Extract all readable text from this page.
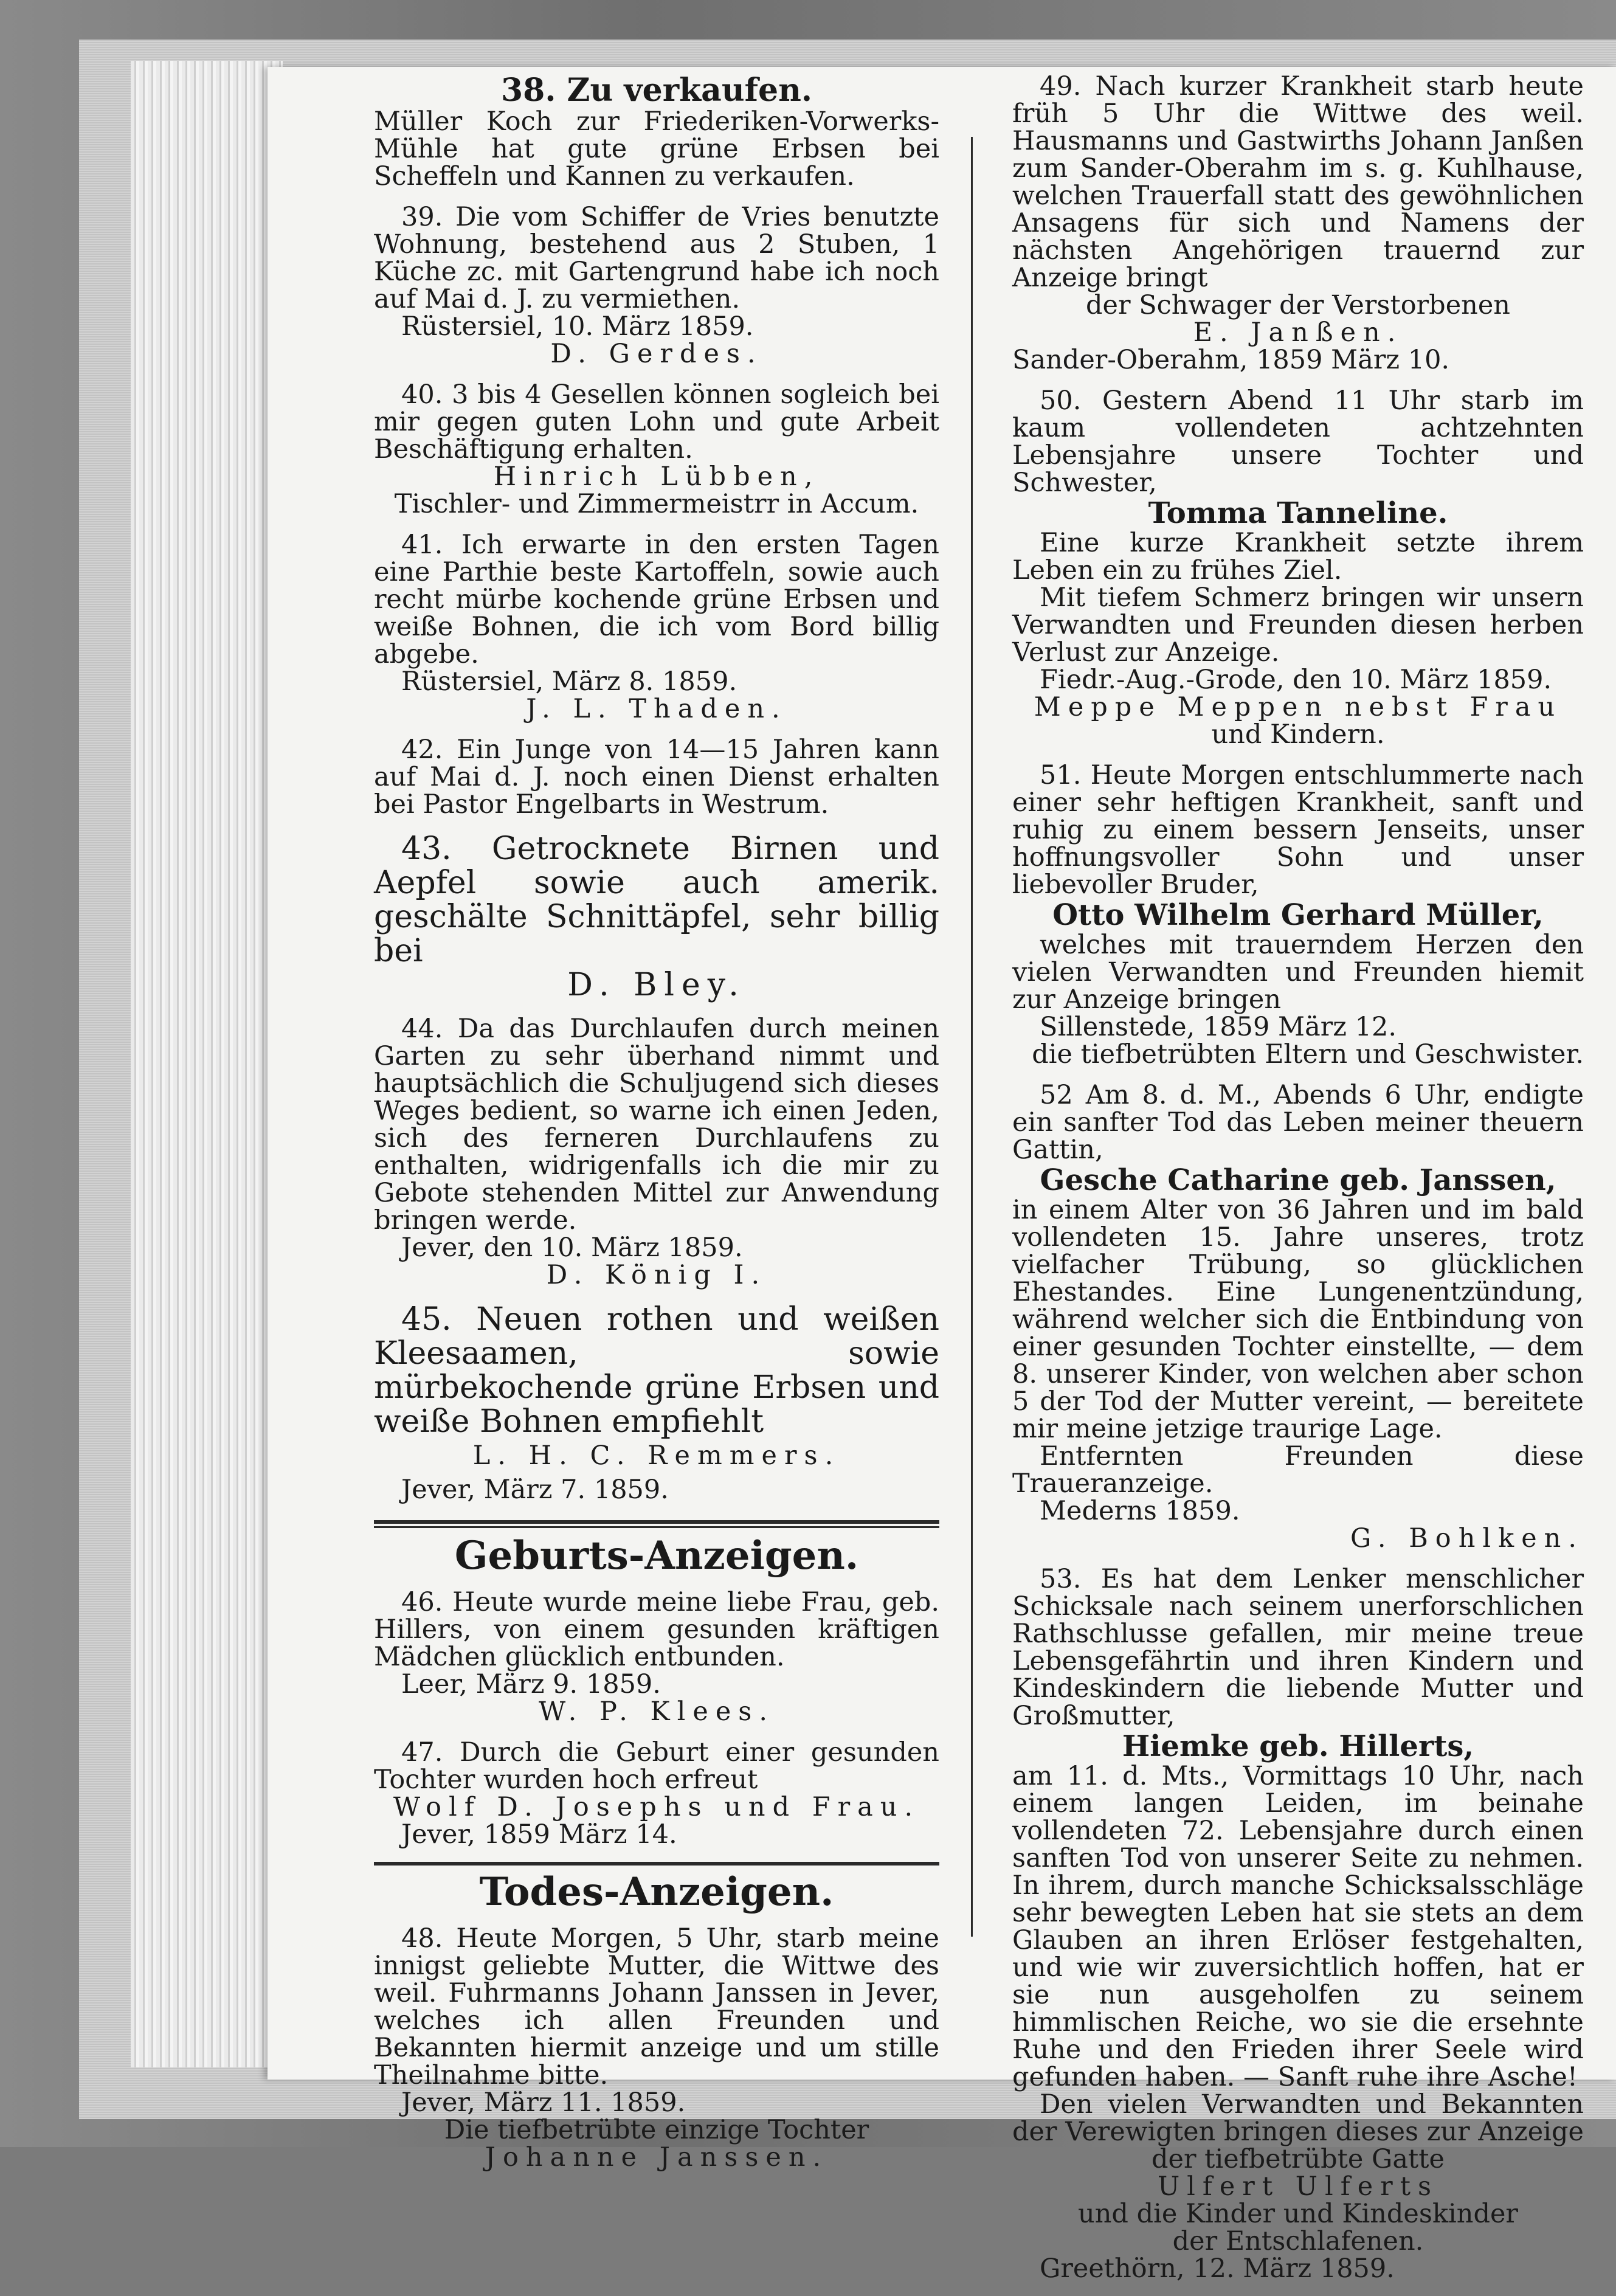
38. Zu verkaufen.

Müller Koch zur Friederiken-Vorwerks-Mühle hat gute grüne Erbsen bei Scheffeln und Kannen zu verkaufen.

39. Die vom Schiffer de Vries benutzte Wohnung, bestehend aus 2 Stuben, 1 Küche zc. mit Gartengrund habe ich noch auf Mai d. J. zu vermiethen.

Rüstersiel, 10. März 1859.

D. Gerdes.

40. 3 bis 4 Gesellen können sogleich bei mir gegen guten Lohn und gute Arbeit Beschäftigung erhalten.

Hinrich Lübben,

Tischler- und Zimmermeistrr in Accum.

41. Ich erwarte in den ersten Tagen eine Parthie beste Kartoffeln, sowie auch recht mürbe kochende grüne Erbsen und weiße Bohnen, die ich vom Bord billig abgebe.

Rüstersiel, März 8. 1859.

J. L. Thaden.

42. Ein Junge von 14—15 Jahren kann auf Mai d. J. noch einen Dienst erhalten bei Pastor Engelbarts in Westrum.

43. Getrocknete Birnen und Aepfel sowie auch amerik. geschälte Schnittäpfel, sehr billig bei

D. Bley.

44. Da das Durchlaufen durch meinen Garten zu sehr überhand nimmt und hauptsächlich die Schuljugend sich dieses Weges bedient, so warne ich einen Jeden, sich des ferneren Durchlaufens zu enthalten, widrigenfalls ich die mir zu Gebote stehenden Mittel zur Anwendung bringen werde.

Jever, den 10. März 1859.

D. König I.

45. Neuen rothen und weißen Kleesaamen, sowie mürbekochende grüne Erbsen und weiße Bohnen empfiehlt

L. H. C. Remmers.

Jever, März 7. 1859.

Geburts-Anzeigen.

46. Heute wurde meine liebe Frau, geb. Hillers, von einem gesunden kräftigen Mädchen glücklich entbunden.

Leer, März 9. 1859.

W. P. Klees.

47. Durch die Geburt einer gesunden Tochter wurden hoch erfreut

Wolf D. Josephs und Frau.

Jever, 1859 März 14.

Todes-Anzeigen.

48. Heute Morgen, 5 Uhr, starb meine innigst geliebte Mutter, die Wittwe des weil. Fuhrmanns Johann Janssen in Jever, welches ich allen Freunden und Bekannten hiermit anzeige und um stille Theilnahme bitte.

Jever, März 11. 1859.

Die tiefbetrübte einzige Tochter

Johanne Janssen.

49. Nach kurzer Krankheit starb heute früh 5 Uhr die Wittwe des weil. Hausmanns und Gastwirths Johann Janßen zum Sander-Oberahm im s. g. Kuhlhause, welchen Trauerfall statt des gewöhnlichen Ansagens für sich und Namens der nächsten Angehörigen trauernd zur Anzeige bringt

der Schwager der Verstorbenen

E. Janßen.

Sander-Oberahm, 1859 März 10.

50. Gestern Abend 11 Uhr starb im kaum vollendeten achtzehnten Lebensjahre unsere Tochter und Schwester,

Tomma Tanneline.

Eine kurze Krankheit setzte ihrem Leben ein zu frühes Ziel.

Mit tiefem Schmerz bringen wir unsern Verwandten und Freunden diesen herben Verlust zur Anzeige.

Fiedr.-Aug.-Grode, den 10. März 1859.

Meppe Meppen nebst Frau

und Kindern.

51. Heute Morgen entschlummerte nach einer sehr heftigen Krankheit, sanft und ruhig zu einem bessern Jenseits, unser hoffnungsvoller Sohn und unser liebevoller Bruder,

Otto Wilhelm Gerhard Müller,

welches mit trauerndem Herzen den vielen Verwandten und Freunden hiemit zur Anzeige bringen

Sillenstede, 1859 März 12.

die tiefbetrübten Eltern und Geschwister.

52 Am 8. d. M., Abends 6 Uhr, endigte ein sanfter Tod das Leben meiner theuern Gattin,

Gesche Catharine geb. Janssen,

in einem Alter von 36 Jahren und im bald vollendeten 15. Jahre unseres, trotz vielfacher Trübung, so glücklichen Ehestandes. Eine Lungenentzündung, während welcher sich die Entbindung von einer gesunden Tochter einstellte, — dem 8. unserer Kinder, von welchen aber schon 5 der Tod der Mutter vereint, — bereitete mir meine jetzige traurige Lage.

Entfernten Freunden diese Traueranzeige.

Mederns 1859.

G. Bohlken.

53. Es hat dem Lenker menschlicher Schicksale nach seinem unerforschlichen Rathschlusse gefallen, mir meine treue Lebensgefährtin und ihren Kindern und Kindeskindern die liebende Mutter und Großmutter,

Hiemke geb. Hillerts,

am 11. d. Mts., Vormittags 10 Uhr, nach einem langen Leiden, im beinahe vollendeten 72. Lebensjahre durch einen sanften Tod von unserer Seite zu nehmen. In ihrem, durch manche Schicksalsschläge sehr bewegten Leben hat sie stets an dem Glauben an ihren Erlöser festgehalten, und wie wir zuversichtlich hoffen, hat er sie nun ausgeholfen zu seinem himmlischen Reiche, wo sie die ersehnte Ruhe und den Frieden ihrer Seele wird gefunden haben. — Sanft ruhe ihre Asche!

Den vielen Verwandten und Bekannten der Verewigten bringen dieses zur Anzeige

der tiefbetrübte Gatte

Ulfert Ulferts

und die Kinder und Kindeskinder

der Entschlafenen.

Greethörn, 12. März 1859.
